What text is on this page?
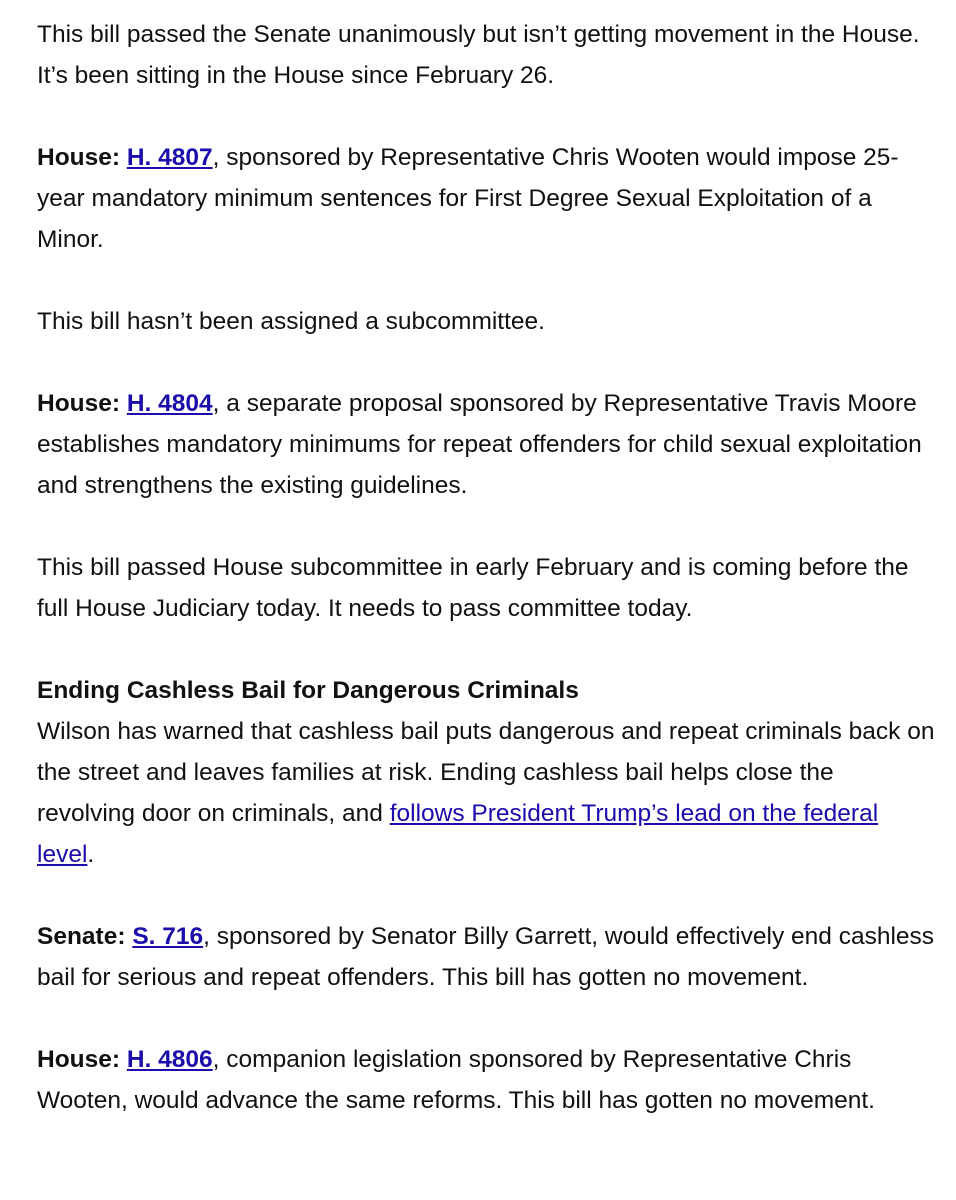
This bill passed the Senate unanimously but isn’t getting movement in the House. It’s been sitting in the House since February 26.

House: H. 4807, sponsored by Representative Chris Wooten would impose 25-year mandatory minimum sentences for First Degree Sexual Exploitation of a Minor.

This bill hasn’t been assigned a subcommittee.

House: H. 4804, a separate proposal sponsored by Representative Travis Moore establishes mandatory minimums for repeat offenders for child sexual exploitation and strengthens the existing guidelines.

This bill passed House subcommittee in early February and is coming before the full House Judiciary today. It needs to pass committee today.

Ending Cashless Bail for Dangerous Criminals
Wilson has warned that cashless bail puts dangerous and repeat criminals back on the street and leaves families at risk. Ending cashless bail helps close the revolving door on criminals, and follows President Trump’s lead on the federal level.

Senate: S. 716, sponsored by Senator Billy Garrett, would effectively end cashless bail for serious and repeat offenders. This bill has gotten no movement.

House: H. 4806, companion legislation sponsored by Representative Chris Wooten, would advance the same reforms. This bill has gotten no movement.
